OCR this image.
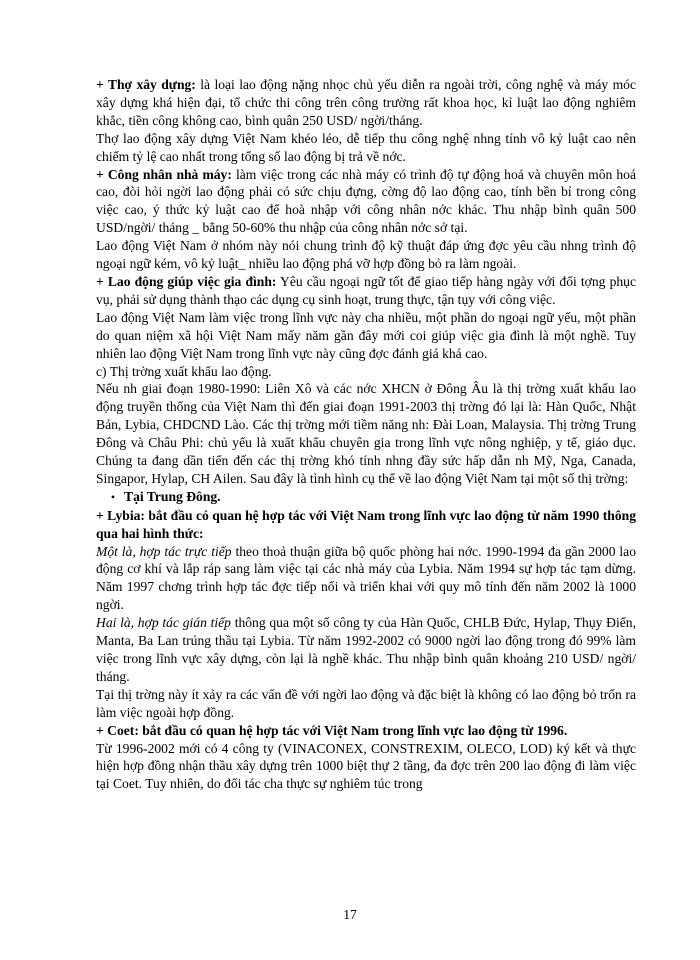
+ Thợ xây dựng: là loại lao động nặng nhọc chủ yếu diễn ra ngoài trời, công nghệ và máy móc xây dựng khá hiện đại, tổ chức thi công trên công trường rất khoa học, kỉ luật lao động nghiêm khắc, tiền công không cao, bình quân 250 USD/ ngời/tháng.

Thợ lao động xây dựng Việt Nam khéo léo, dễ tiếp thu công nghệ nhng tính vô kỷ luật cao nên chiếm tỷ lệ cao nhất trong tổng số lao động bị trả về nớc.

+ Công nhân nhà máy: làm việc trong các nhà máy có trình độ tự động hoá và chuyên môn hoá cao, đòi hỏi ngời lao động phải có sức chịu đựng, cờng độ lao động cao, tính bền bỉ trong công việc cao, ý thức kỷ luật cao để hoà nhập với công nhân nớc khác. Thu nhập bình quân 500 USD/ngời/ tháng _ bằng 50-60% thu nhập của công nhân nớc sở tại.

Lao động Việt Nam ở nhóm này nói chung trình độ kỹ thuật đáp ứng đợc yêu cầu nhng trình độ ngoại ngữ kém, vô kỷ luật_ nhiều lao động phá vỡ hợp đồng bỏ ra làm ngoài.

+ Lao động giúp việc gia đình: Yêu cầu ngoại ngữ tốt để giao tiếp hàng ngày với đối tợng phục vụ, phải sử dụng thành thạo các dụng cụ sinh hoạt, trung thực, tận tụy với công việc.

Lao động Việt Nam làm việc trong lĩnh vực này cha nhiều, một phần do ngoại ngữ yếu, một phần do quan niệm xã hội Việt Nam mấy năm gần đây mới coi giúp việc gia đình là một nghề. Tuy nhiên lao động Việt Nam trong lĩnh vực này cũng đợc đánh giá khá cao.

c) Thị trờng xuất khẩu lao động.

Nếu nh giai đoạn 1980-1990: Liên Xô và các nớc XHCN ở Đông Âu là thị trờng xuất khẩu lao động truyền thống của Việt Nam thì đến giai đoạn 1991-2003 thị trờng đó lại là: Hàn Quốc, Nhật Bản, Lybia, CHDCND Lào. Các thị trờng mới tiềm năng nh: Đài Loan, Malaysia. Thị trờng Trung Đông và Châu Phi: chủ yếu là xuất khẩu chuyên gia trong lĩnh vực nông nghiệp, y tế, giáo dục. Chúng ta đang dần tiến đến các thị trờng khó tính nhng đầy sức hấp dẫn nh Mỹ, Nga, Canada, Singapor, Hylap, CH Ailen. Sau đây là tình hình cụ thể về lao động Việt Nam tại một số thị trờng:

• Tại Trung Đông.

+ Lybia: bắt đầu có quan hệ hợp tác với Việt Nam trong lĩnh vực lao động từ năm 1990 thông qua hai hình thức:

Một là, hợp tác trực tiếp theo thoả thuận giữa bộ quốc phòng hai nớc. 1990-1994 đa gần 2000 lao động cơ khí và lắp ráp sang làm việc tại các nhà máy của Lybia. Năm 1994 sự hợp tác tạm dừng. Năm 1997 chơng trình hợp tác đợc tiếp nối và triển khai với quy mô tính đến năm 2002 là 1000 ngời.

Hai là, hợp tác gián tiếp thông qua một số công ty của Hàn Quốc, CHLB Đức, Hylap, Thụy Điển, Manta, Ba Lan trúng thầu tại Lybia. Từ năm 1992-2002 có 9000 ngời lao động trong đó 99% làm việc trong lĩnh vực xây dựng, còn lại là nghề khác. Thu nhập bình quân khoảng 210 USD/ ngời/ tháng.

Tại thị trờng này ít xảy ra các vấn đề với ngời lao động và đặc biệt là không có lao động bỏ trốn ra làm việc ngoài hợp đồng.

+ Coet: bắt đầu có quan hệ hợp tác với Việt Nam trong lĩnh vực lao động từ 1996.

Từ 1996-2002 mới có 4 công ty (VINACONEX, CONSTREXIM, OLECO, LOD) ký kết và thực hiện hợp đồng nhận thầu xây dựng trên 1000 biệt thự 2 tầng, đa đợc trên 200 lao động đi làm việc tại Coet. Tuy nhiên, do đối tác cha thực sự nghiêm túc trong

17
